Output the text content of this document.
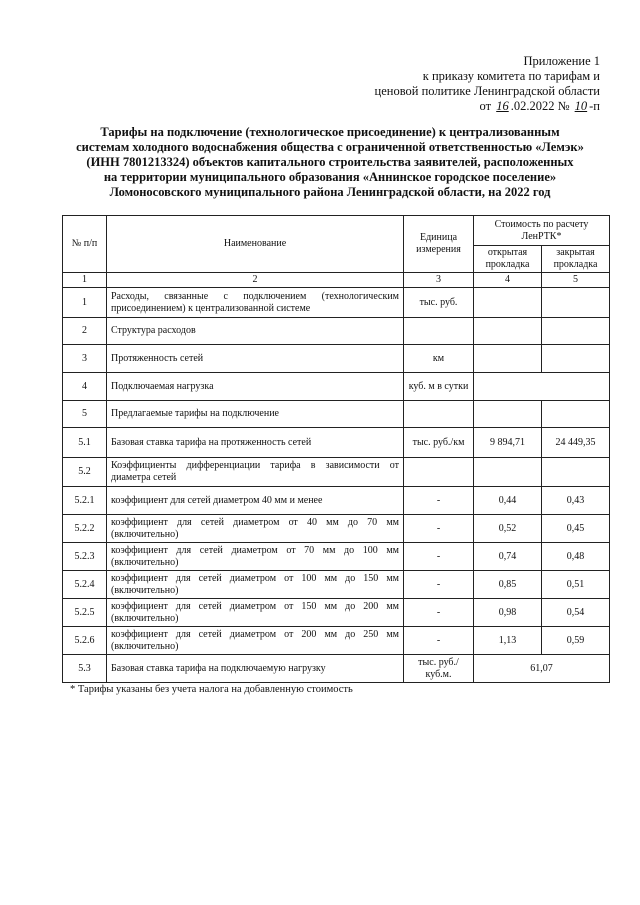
Приложение 1
к приказу комитета по тарифам и
ценовой политике Ленинградской области
от 16 .02.2022 № 10 -п
Тарифы на подключение (технологическое присоединение) к централизованным
системам холодного водоснабжения общества с ограниченной ответственностью «Лемэк»
(ИНН 7801213324) объектов капитального строительства заявителей, расположенных
на территории муниципального образования «Аннинское городское поселение»
Ломоносовского муниципального района Ленинградской области, на 2022 год
№ п/п	Наименование	Единица измерения	Стоимость по расчету ЛенРТК*	
			открытая прокладка	закрытая прокладка
1	2	3	4	5
1	Расходы, связанные с подключением (технологическим присоединением) к централизованной системе	тыс. руб.		
2	Структура расходов			
3	Протяженность сетей	км		
4	Подключаемая нагрузка	куб. м в сутки		
5	Предлагаемые тарифы на подключение			
5.1	Базовая ставка тарифа на протяженность сетей	тыс. руб./км	9 894,71	24 449,35
5.2	Коэффициенты дифференциации тарифа в зависимости от диаметра сетей			
5.2.1	коэффициент для сетей диаметром 40 мм и менее	-	0,44	0,43
5.2.2	коэффициент для сетей диаметром от 40 мм до 70 мм (включительно)	-	0,52	0,45
5.2.3	коэффициент для сетей диаметром от 70 мм до 100 мм (включительно)	-	0,74	0,48
5.2.4	коэффициент для сетей диаметром от 100 мм до 150 мм (включительно)	-	0,85	0,51
5.2.5	коэффициент для сетей диаметром от 150 мм до 200 мм (включительно)	-	0,98	0,54
5.2.6	коэффициент для сетей диаметром от 200 мм до 250 мм (включительно)	-	1,13	0,59
5.3	Базовая ставка тарифа на подключаемую нагрузку	тыс. руб./куб.м.	61,07	
* Тарифы указаны без учета налога на добавленную стоимость
